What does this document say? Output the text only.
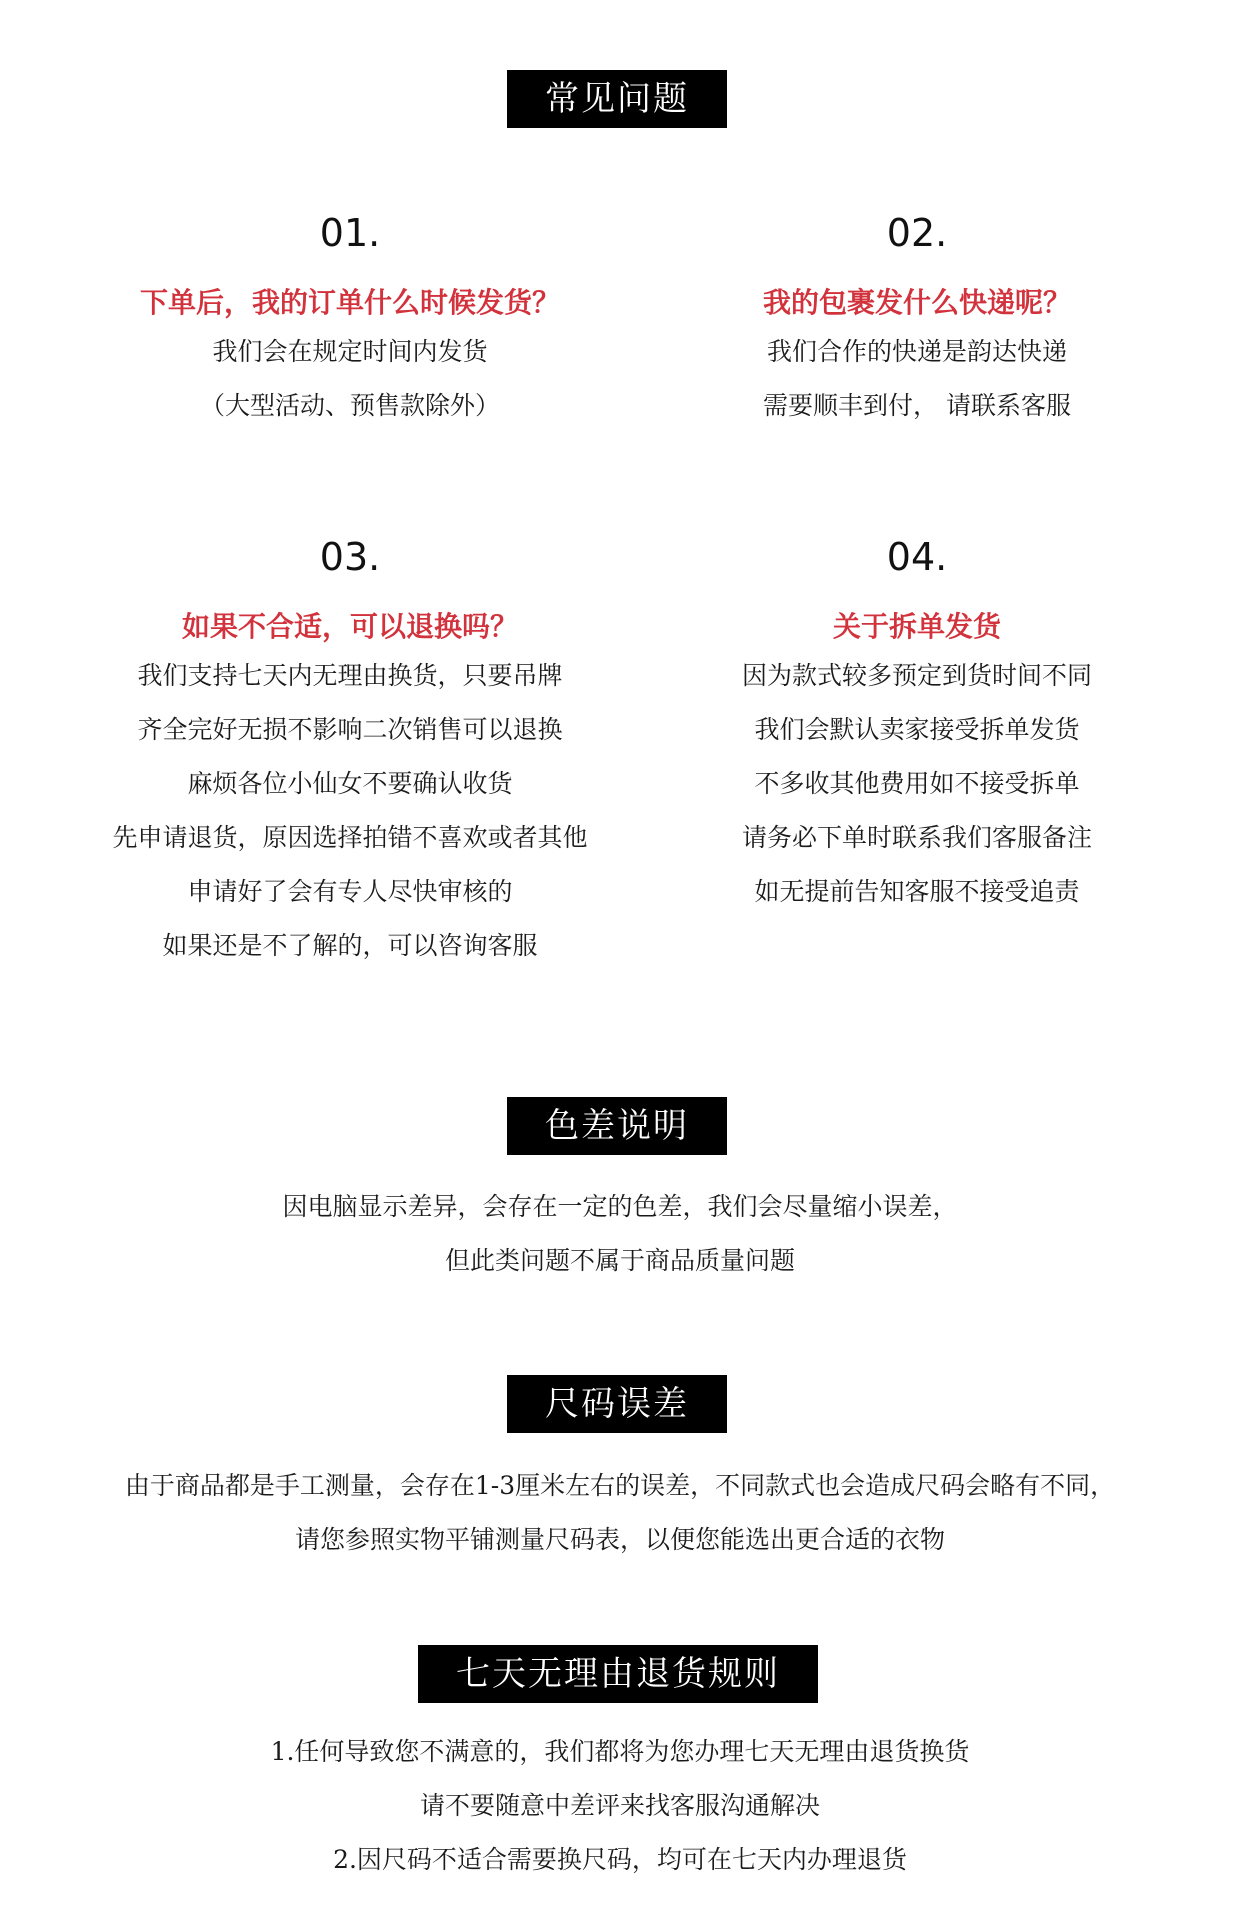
常见问题
01.
下单后，我的订单什么时候发货？
我们会在规定时间内发货
（大型活动、预售款除外）
02.
我的包裹发什么快递呢？
我们合作的快递是韵达快递
需要顺丰到付， 请联系客服
03.
如果不合适，可以退换吗？
我们支持七天内无理由换货，只要吊牌
齐全完好无损不影响二次销售可以退换
麻烦各位小仙女不要确认收货
先申请退货，原因选择拍错不喜欢或者其他
申请好了会有专人尽快审核的
如果还是不了解的，可以咨询客服
04.
关于拆单发货
因为款式较多预定到货时间不同
我们会默认卖家接受拆单发货
不多收其他费用如不接受拆单
请务必下单时联系我们客服备注
如无提前告知客服不接受追责
色差说明
因电脑显示差异，会存在一定的色差，我们会尽量缩小误差，
但此类问题不属于商品质量问题
尺码误差
由于商品都是手工测量，会存在1-3厘米左右的误差，不同款式也会造成尺码会略有不同，
请您参照实物平铺测量尺码表，以便您能选出更合适的衣物
七天无理由退货规则
1.任何导致您不满意的，我们都将为您办理七天无理由退货换货
请不要随意中差评来找客服沟通解决
2.因尺码不适合需要换尺码，均可在七天内办理退货
